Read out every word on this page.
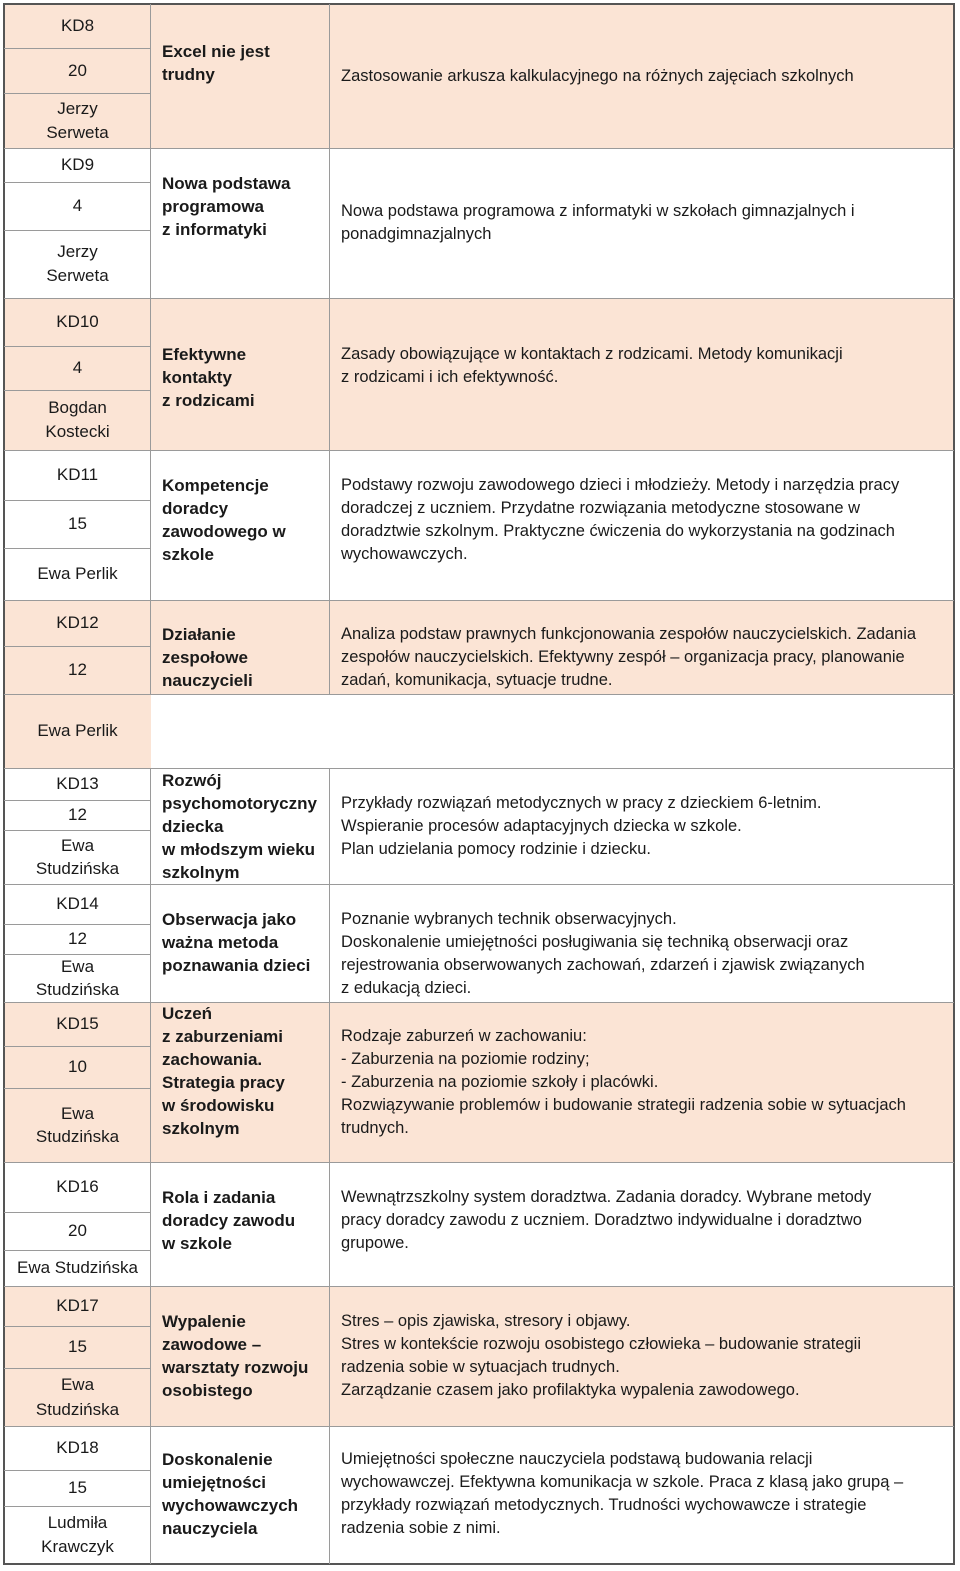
KD8
20
Jerzy
Serweta
Excel nie jest
trudny	Zastosowanie arkusza kalkulacyjnego na różnych zajęciach szkolnych
KD9
4
Jerzy
Serweta
Nowa podstawa
programowa
z informatyki
Nowa podstawa programowa z informatyki w szkołach gimnazjalnych i
ponadgimnazjalnych
KD10
4
Bogdan
Kostecki
Efektywne
kontakty
z rodzicami
Zasady obowiązujące w kontaktach z rodzicami. Metody komunikacji
z rodzicami i ich efektywność.
KD11
15
Ewa Perlik
Kompetencje
doradcy
zawodowego w
szkole
Podstawy rozwoju zawodowego dzieci i młodzieży. Metody i narzędzia pracy
doradczej z uczniem. Przydatne rozwiązania metodyczne stosowane w
doradztwie szkolnym. Praktyczne ćwiczenia do wykorzystania na godzinach
wychowawczych.
KD12
12
Ewa Perlik
Działanie
zespołowe
nauczycieli
Analiza podstaw prawnych funkcjonowania zespołów nauczycielskich. Zadania
zespołów nauczycielskich. Efektywny zespół – organizacja pracy, planowanie
zadań, komunikacja, sytuacje trudne.
KD13
12
Ewa
Studzińska
Rozwój
psychomotoryczny
dziecka
w młodszym wieku
szkolnym
Przykłady rozwiązań metodycznych w pracy z dzieckiem 6-letnim.
Wspieranie procesów adaptacyjnych dziecka w szkole.
Plan udzielania pomocy rodzinie i dziecku.
KD14
12
Ewa
Studzińska
Obserwacja jako
ważna metoda
poznawania dzieci
Poznanie wybranych technik obserwacyjnych.
Doskonalenie umiejętności posługiwania się techniką obserwacji oraz
rejestrowania obserwowanych zachowań, zdarzeń i zjawisk związanych
z edukacją dzieci.
KD15
10
Ewa
Studzińska
Uczeń
z zaburzeniami
zachowania.
Strategia pracy
w środowisku
szkolnym
Rodzaje zaburzeń w zachowaniu:
- Zaburzenia na poziomie rodziny;
- Zaburzenia na poziomie szkoły i placówki.
Rozwiązywanie problemów i budowanie strategii radzenia sobie w sytuacjach
trudnych.
KD16
20
Ewa Studzińska
Rola i zadania
doradcy zawodu
w szkole
Wewnątrzszkolny system doradztwa. Zadania doradcy. Wybrane metody
pracy doradcy zawodu z uczniem. Doradztwo indywidualne i doradztwo
grupowe.
KD17
15
Ewa
Studzińska
Wypalenie
zawodowe –
warsztaty rozwoju
osobistego
Stres – opis zjawiska, stresory i objawy.
Stres w kontekście rozwoju osobistego człowieka – budowanie strategii
radzenia sobie w sytuacjach trudnych.
Zarządzanie czasem jako profilaktyka wypalenia zawodowego.
KD18
15
Ludmiła
Krawczyk
Doskonalenie
umiejętności
wychowawczych
nauczyciela
Umiejętności społeczne nauczyciela podstawą budowania relacji
wychowawczej. Efektywna komunikacja w szkole. Praca z klasą jako grupą –
przykłady rozwiązań metodycznych. Trudności wychowawcze i strategie
radzenia sobie z nimi.
